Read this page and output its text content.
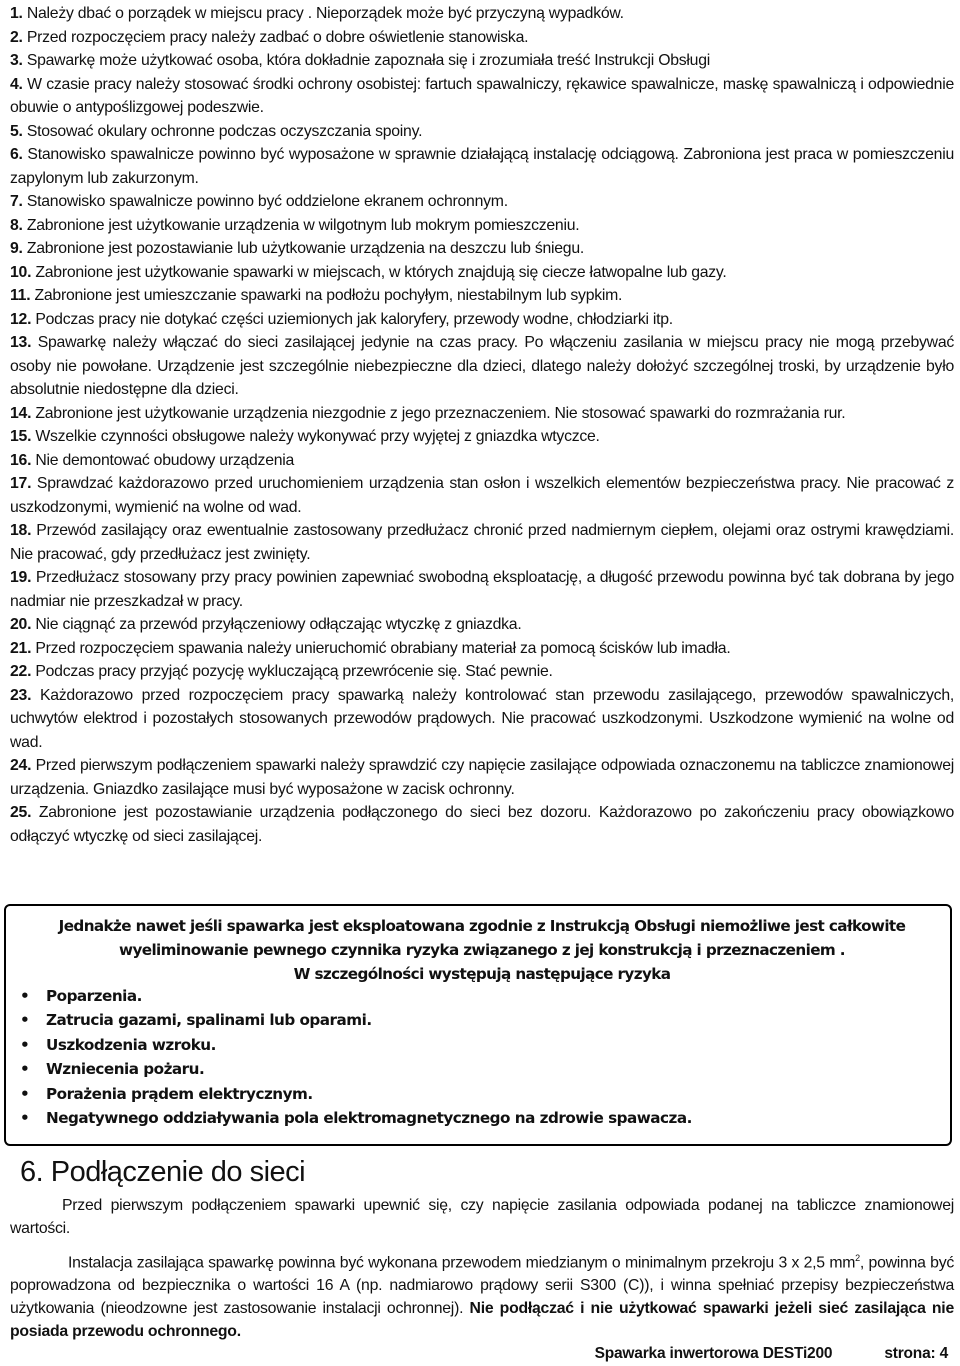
1. Należy dbać o porządek w miejscu pracy . Nieporządek może być przyczyną wypadków.

2. Przed rozpoczęciem pracy należy zadbać o dobre oświetlenie stanowiska.

3. Spawarkę może użytkować osoba, która dokładnie zapoznała się i zrozumiała treść Instrukcji Obsługi

4. W czasie pracy należy stosować środki ochrony osobistej: fartuch spawalniczy, rękawice spawalnicze, maskę spawalniczą i odpowiednie obuwie o antypoślizgowej podeszwie.

5. Stosować okulary ochronne podczas oczyszczania spoiny.

6. Stanowisko spawalnicze powinno być wyposażone w sprawnie działającą instalację odciągową. Zabroniona jest praca w pomieszczeniu zapylonym lub zakurzonym.

7. Stanowisko spawalnicze powinno być oddzielone ekranem ochronnym.

8. Zabronione jest użytkowanie urządzenia w wilgotnym lub mokrym pomieszczeniu.

9. Zabronione jest pozostawianie lub użytkowanie urządzenia na deszczu lub śniegu.

10. Zabronione jest użytkowanie spawarki w miejscach, w których znajdują się ciecze łatwopalne lub gazy.

11. Zabronione jest umieszczanie spawarki na podłożu pochyłym, niestabilnym lub sypkim.

12. Podczas pracy nie dotykać części uziemionych jak kaloryfery, przewody wodne, chłodziarki itp.

13. Spawarkę należy włączać do sieci zasilającej jedynie na czas pracy. Po włączeniu zasilania w miejscu pracy nie mogą przebywać osoby nie powołane. Urządzenie jest szczególnie niebezpieczne dla dzieci, dlatego należy dołożyć szczególnej troski, by urządzenie było absolutnie niedostępne dla dzieci.

14. Zabronione jest użytkowanie urządzenia niezgodnie z jego przeznaczeniem. Nie stosować spawarki do rozmrażania rur.

15. Wszelkie czynności obsługowe należy wykonywać przy wyjętej z gniazdka wtyczce.

16. Nie demontować obudowy urządzenia

17. Sprawdzać każdorazowo przed uruchomieniem urządzenia stan osłon i wszelkich elementów bezpieczeństwa pracy. Nie pracować z uszkodzonymi, wymienić na wolne od wad.

18. Przewód zasilający oraz ewentualnie zastosowany przedłużacz chronić przed nadmiernym ciepłem, olejami oraz ostrymi krawędziami. Nie pracować, gdy przedłużacz jest zwinięty.

19. Przedłużacz stosowany przy pracy powinien zapewniać swobodną eksploatację, a długość przewodu powinna być tak dobrana by jego nadmiar nie przeszkadzał w pracy.

20. Nie ciągnąć za przewód przyłączeniowy odłączając wtyczkę z gniazdka.

21. Przed rozpoczęciem spawania należy unieruchomić obrabiany materiał za pomocą ścisków lub imadła.

22. Podczas pracy przyjąć pozycję wykluczającą przewrócenie się. Stać pewnie.

23. Każdorazowo przed rozpoczęciem pracy spawarką należy kontrolować stan przewodu zasilającego, przewodów spawalniczych, uchwytów elektrod i pozostałych stosowanych przewodów prądowych. Nie pracować uszkodzonymi. Uszkodzone wymienić na wolne od wad.

24. Przed pierwszym podłączeniem spawarki należy sprawdzić czy napięcie zasilające odpowiada oznaczonemu na tabliczce znamionowej urządzenia. Gniazdko zasilające musi być wyposażone w zacisk ochronny.

25. Zabronione jest pozostawianie urządzenia podłączonego do sieci bez dozoru. Każdorazowo po zakończeniu pracy obowiązkowo odłączyć wtyczkę od sieci zasilającej.

Jednakże nawet jeśli spawarka jest eksploatowana zgodnie z Instrukcją Obsługi niemożliwe jest całkowite wyeliminowanie pewnego czynnika ryzyka związanego z jej konstrukcją i przeznaczeniem .
W szczególności występują następujące ryzyka

• Poparzenia.
• Zatrucia gazami, spalinami lub oparami.
• Uszkodzenia wzroku.
• Wzniecenia pożaru.
• Porażenia prądem elektrycznym.
• Negatywnego oddziaływania pola elektromagnetycznego na zdrowie spawacza.
6. Podłączenie do sieci

Przed pierwszym podłączeniem spawarki upewnić się, czy napięcie zasilania odpowiada podanej na tabliczce znamionowej wartości.

Instalacja zasilająca spawarkę powinna być wykonana przewodem miedzianym o minimalnym przekroju 3 x 2,5 $mm^2$, powinna być poprowadzona od bezpiecznika o wartości 16 A (np. nadmiarowo prądowy serii S300 (C)), i winna spełniać przepisy bezpieczeństwa użytkowania (nieodzowne jest zastosowanie instalacji ochronnej). Nie podłączać i nie użytkować spawarki jeżeli sieć zasilająca nie posiada przewodu ochronnego.

Spawarka inwertorowa DESTi200	strona: 4
